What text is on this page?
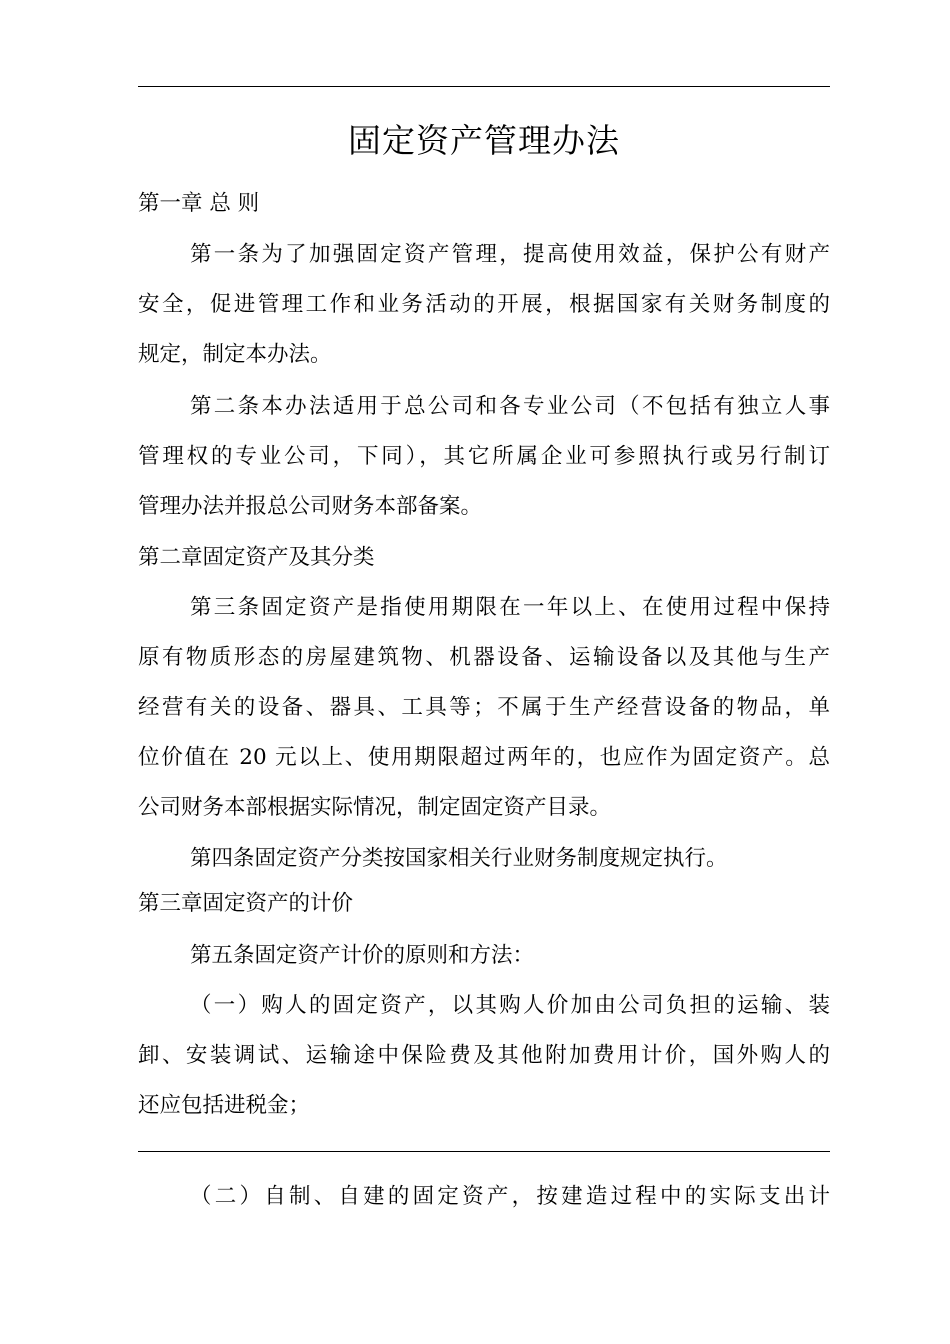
固定资产管理办法
第一章 总 则
第一条为了加强固定资产管理，提高使用效益，保护公有财产
安全，促进管理工作和业务活动的开展，根据国家有关财务制度的
规定，制定本办法。
第二条本办法适用于总公司和各专业公司（不包括有独立人事
管理权的专业公司，下同），其它所属企业可参照执行或另行制订
管理办法并报总公司财务本部备案。
第二章固定资产及其分类
第三条固定资产是指使用期限在一年以上、在使用过程中保持
原有物质形态的房屋建筑物、机器设备、运输设备以及其他与生产
经营有关的设备、器具、工具等；不属于生产经营设备的物品，单
位价值在 20 元以上、使用期限超过两年的，也应作为固定资产。总
公司财务本部根据实际情况，制定固定资产目录。
第四条固定资产分类按国家相关行业财务制度规定执行。
第三章固定资产的计价
第五条固定资产计价的原则和方法：
（一）购人的固定资产，以其购人价加由公司负担的运输、装
卸、安装调试、运输途中保险费及其他附加费用计价，国外购人的
还应包括进税金；
（二）自制、自建的固定资产，按建造过程中的实际支出计
